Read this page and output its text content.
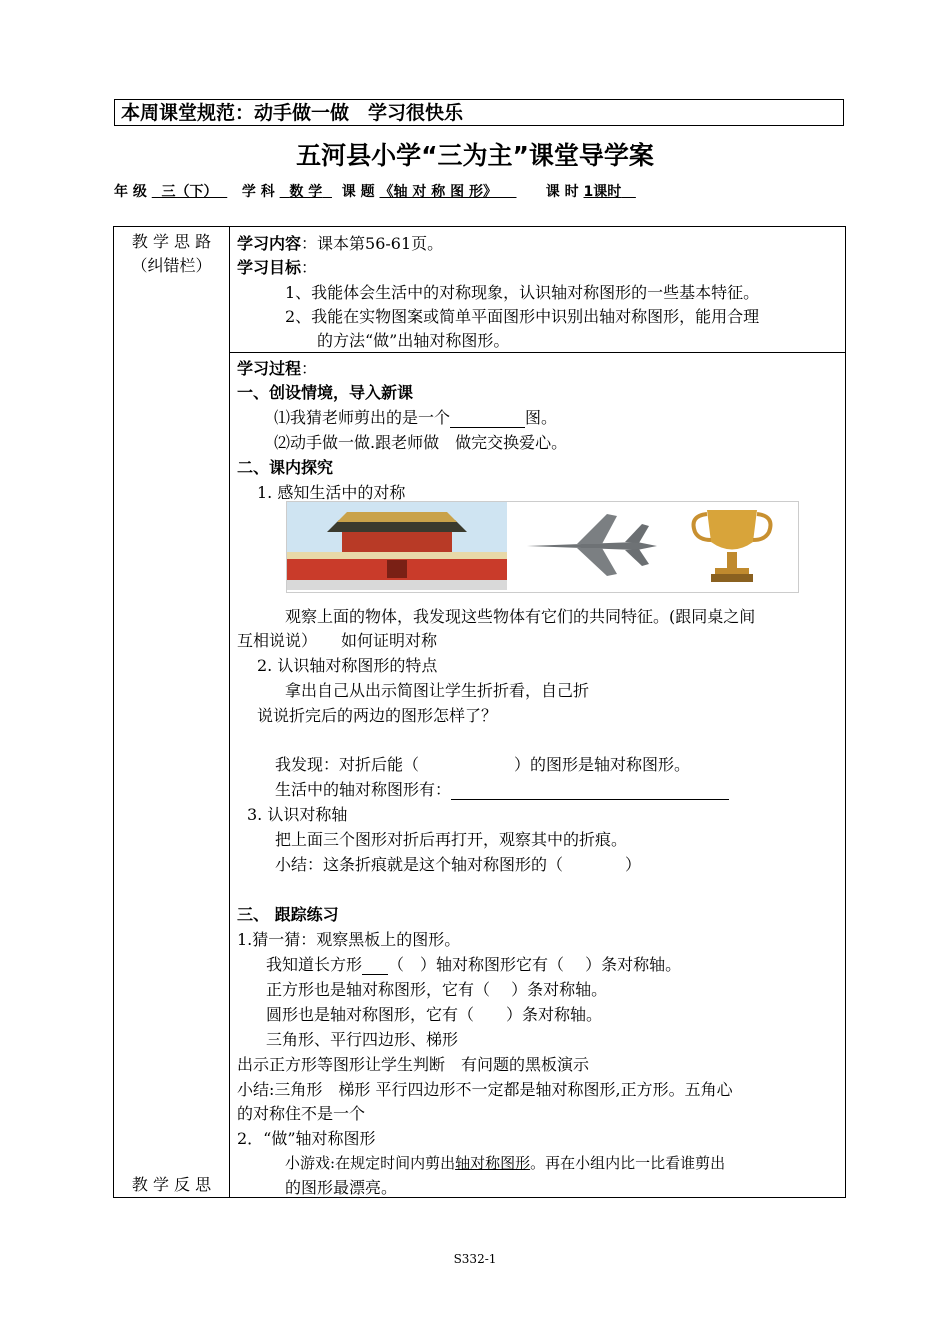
本周课堂规范：动手做一做　学习很快乐
五河县小学“三为主”课堂导学案
年 级 三（下） 学 科 数 学 课 题 《轴 对 称 图 形》	课 时 1课时
教 学 思 路
（纠错栏）
教 学 反 思
学习内容：课本第56-61页。
学习目标：
1、我能体会生活中的对称现象，认识轴对称图形的一些基本特征。
2、我能在实物图案或简单平面图形中识别出轴对称图形，能用合理
的方法“做”出轴对称图形。
学习过程：
一、创设情境，导入新课
⑴我猜老师剪出的是一个	图。
⑵动手做一做.跟老师做　做完交换爱心。
二、课内探究
1. 感知生活中的对称
观察上面的物体，我发现这些物体有它们的共同特征。(跟同桌之间
互相说说）　　如何证明对称
2. 认识轴对称图形的特点
拿出自己从出示简图让学生折折看，自己折
说说折完后的两边的图形怎样了？
我发现：对折后能（	）的图形是轴对称图形。
生活中的轴对称图形有：
3. 认识对称轴
把上面三个图形对折后再打开，观察其中的折痕。
小结：这条折痕就是这个轴对称图形的（	）
三、 跟踪练习
1.猜一猜：观察黑板上的图形。
我知道长方形 （　）轴对称图形它有（　 ）条对称轴。
正方形也是轴对称图形，它有（　 ）条对称轴。
圆形也是轴对称图形，它有（　　）条对称轴。
三角形、平行四边形、梯形
出示正方形等图形让学生判断　有问题的黑板演示
小结:三角形　梯形 平行四边形不一定都是轴对称图形,正方形。五角心
的对称住不是一个
2．“做”轴对称图形
小游戏:在规定时间内剪出轴对称图形。再在小组内比一比看谁剪出
的图形最漂亮。
S332-1
